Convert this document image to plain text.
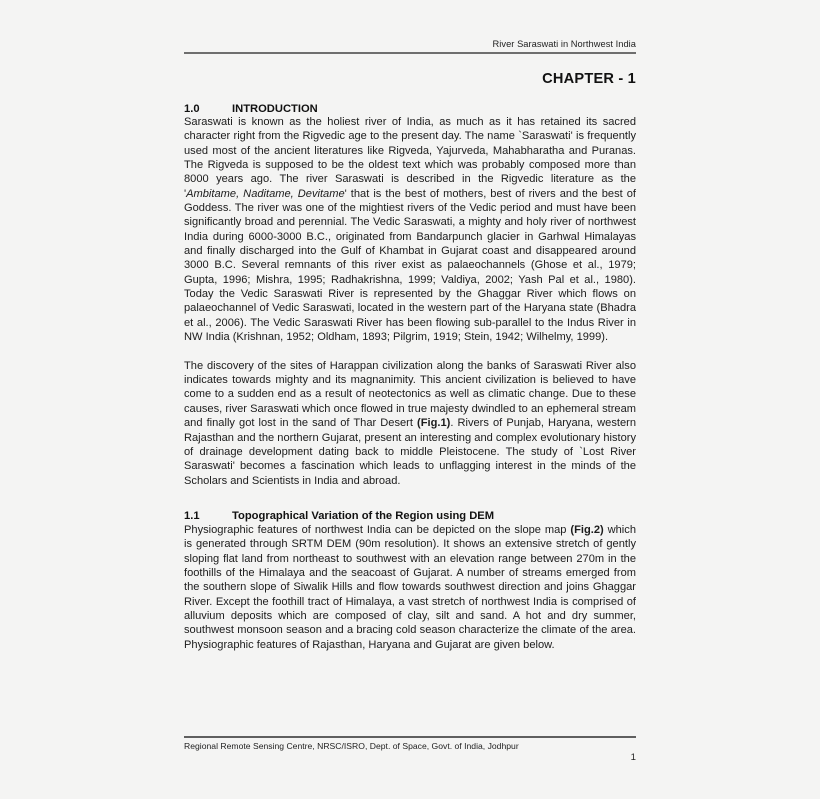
River Saraswati in Northwest India
CHAPTER - 1
1.0	INTRODUCTION

Saraswati is known as the holiest river of India, as much as it has retained its sacred character right from the Rigvedic age to the present day. The name `Saraswati' is frequently used most of the ancient literatures like Rigveda, Yajurveda, Mahabharatha and Puranas. The Rigveda is supposed to be the oldest text which was probably composed more than 8000 years ago. The river Saraswati is described in the Rigvedic literature as the 'Ambitame, Naditame, Devitame' that is the best of mothers, best of rivers and the best of Goddess. The river was one of the mightiest rivers of the Vedic period and must have been significantly broad and perennial. The Vedic Saraswati, a mighty and holy river of northwest India during 6000-3000 B.C., originated from Bandarpunch glacier in Garhwal Himalayas and finally discharged into the Gulf of Khambat in Gujarat coast and disappeared around 3000 B.C. Several remnants of this river exist as palaeochannels (Ghose et al., 1979; Gupta, 1996; Mishra, 1995; Radhakrishna, 1999; Valdiya, 2002; Yash Pal et al., 1980). Today the Vedic Saraswati River is represented by the Ghaggar River which flows on palaeochannel of Vedic Saraswati, located in the western part of the Haryana state (Bhadra et al., 2006). The Vedic Saraswati River has been flowing sub-parallel to the Indus River in NW India (Krishnan, 1952; Oldham, 1893; Pilgrim, 1919; Stein, 1942; Wilhelmy, 1999).

The discovery of the sites of Harappan civilization along the banks of Saraswati River also indicates towards mighty and its magnanimity. This ancient civilization is believed to have come to a sudden end as a result of neotectonics as well as climatic change. Due to these causes, river Saraswati which once flowed in true majesty dwindled to an ephemeral stream and finally got lost in the sand of Thar Desert (Fig.1). Rivers of Punjab, Haryana, western Rajasthan and the northern Gujarat, present an interesting and complex evolutionary history of drainage development dating back to middle Pleistocene. The study of `Lost River Saraswati' becomes a fascination which leads to unflagging interest in the minds of the Scholars and Scientists in India and abroad.

1.1	Topographical Variation of the Region using DEM

Physiographic features of northwest India can be depicted on the slope map (Fig.2) which is generated through SRTM DEM (90m resolution). It shows an extensive stretch of gently sloping flat land from northeast to southwest with an elevation range between 270m in the foothills of the Himalaya and the seacoast of Gujarat. A number of streams emerged from the southern slope of Siwalik Hills and flow towards southwest direction and joins Ghaggar River. Except the foothill tract of Himalaya, a vast stretch of northwest India is comprised of alluvium deposits which are composed of clay, silt and sand. A hot and dry summer, southwest monsoon season and a bracing cold season characterize the climate of the area. Physiographic features of Rajasthan, Haryana and Gujarat are given below.

Regional Remote Sensing Centre, NRSC/ISRO, Dept. of Space, Govt. of India, Jodhpur
1
